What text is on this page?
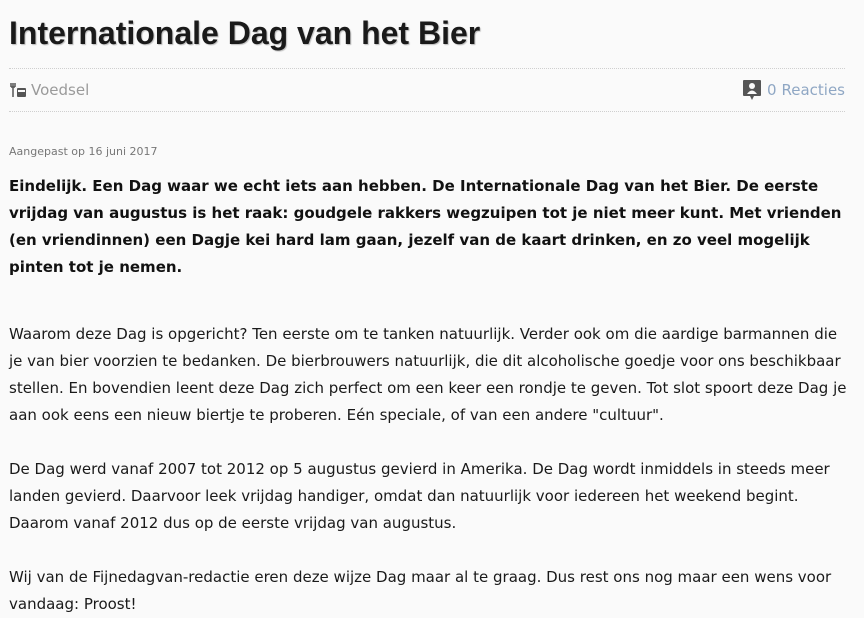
Internationale Dag van het Bier
Voedsel	0 Reacties
Aangepast op 16 juni 2017

Eindelijk. Een Dag waar we echt iets aan hebben. De Internationale Dag van het Bier. De eerste vrijdag van augustus is het raak: goudgele rakkers wegzuipen tot je niet meer kunt. Met vrienden (en vriendinnen) een Dagje kei hard lam gaan, jezelf van de kaart drinken, en zo veel mogelijk pinten tot je nemen.

Waarom deze Dag is opgericht? Ten eerste om te tanken natuurlijk. Verder ook om die aardige barmannen die je van bier voorzien te bedanken. De bierbrouwers natuurlijk, die dit alcoholische goedje voor ons beschikbaar stellen. En bovendien leent deze Dag zich perfect om een keer een rondje te geven. Tot slot spoort deze Dag je aan ook eens een nieuw biertje te proberen. Eén speciale, of van een andere "cultuur".

De Dag werd vanaf 2007 tot 2012 op 5 augustus gevierd in Amerika. De Dag wordt inmiddels in steeds meer landen gevierd. Daarvoor leek vrijdag handiger, omdat dan natuurlijk voor iedereen het weekend begint. Daarom vanaf 2012 dus op de eerste vrijdag van augustus.

Wij van de Fijnedagvan-redactie eren deze wijze Dag maar al te graag. Dus rest ons nog maar een wens voor vandaag: Proost!
